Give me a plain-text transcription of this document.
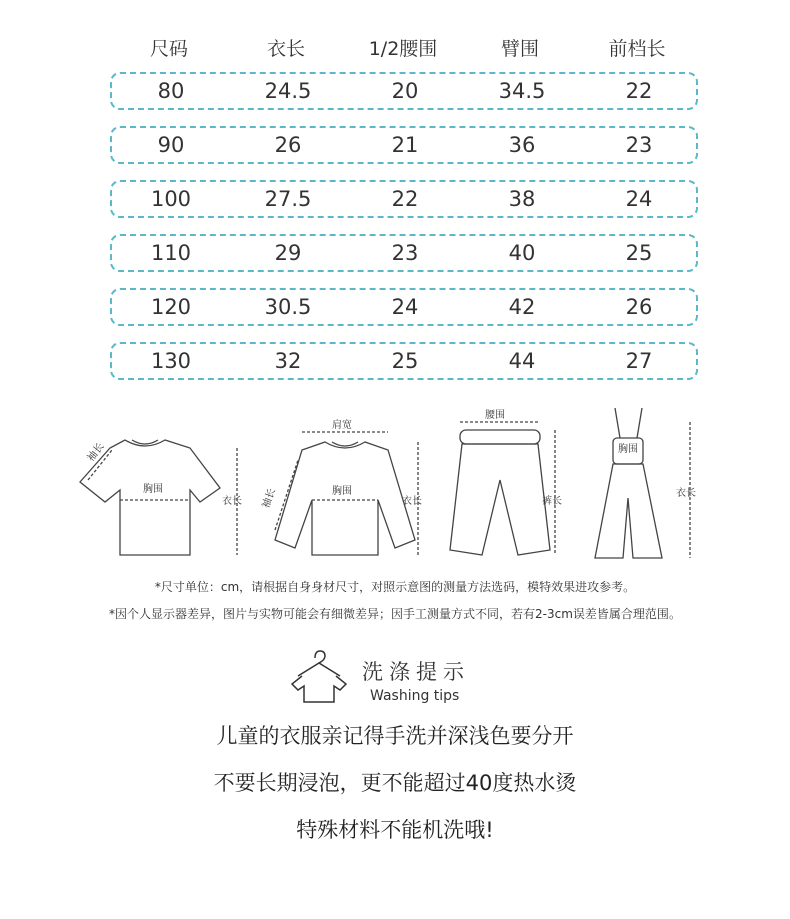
尺码	衣长	1/2腰围	臂围	前档长
80	24.5	20	34.5	22
90	26	21	36	23
100	27.5	22	38	24
110	29	23	40	25
120	30.5	24	42	26
130	32	25	44	27
胸围
衣长
袖长
肩宽
胸围
衣长
袖长
腰围
裤长
胸围
衣长
*尺寸单位：cm，请根据自身身材尺寸，对照示意图的测量方法选码，模特效果进攻参考。
*因个人显示器差异，图片与实物可能会有细微差异；因手工测量方式不同，若有2-3cm误差皆属合理范围。
洗涤提示
Washing tips
儿童的衣服亲记得手洗并深浅色要分开
不要长期浸泡，更不能超过40度热水烫
特殊材料不能机洗哦!
